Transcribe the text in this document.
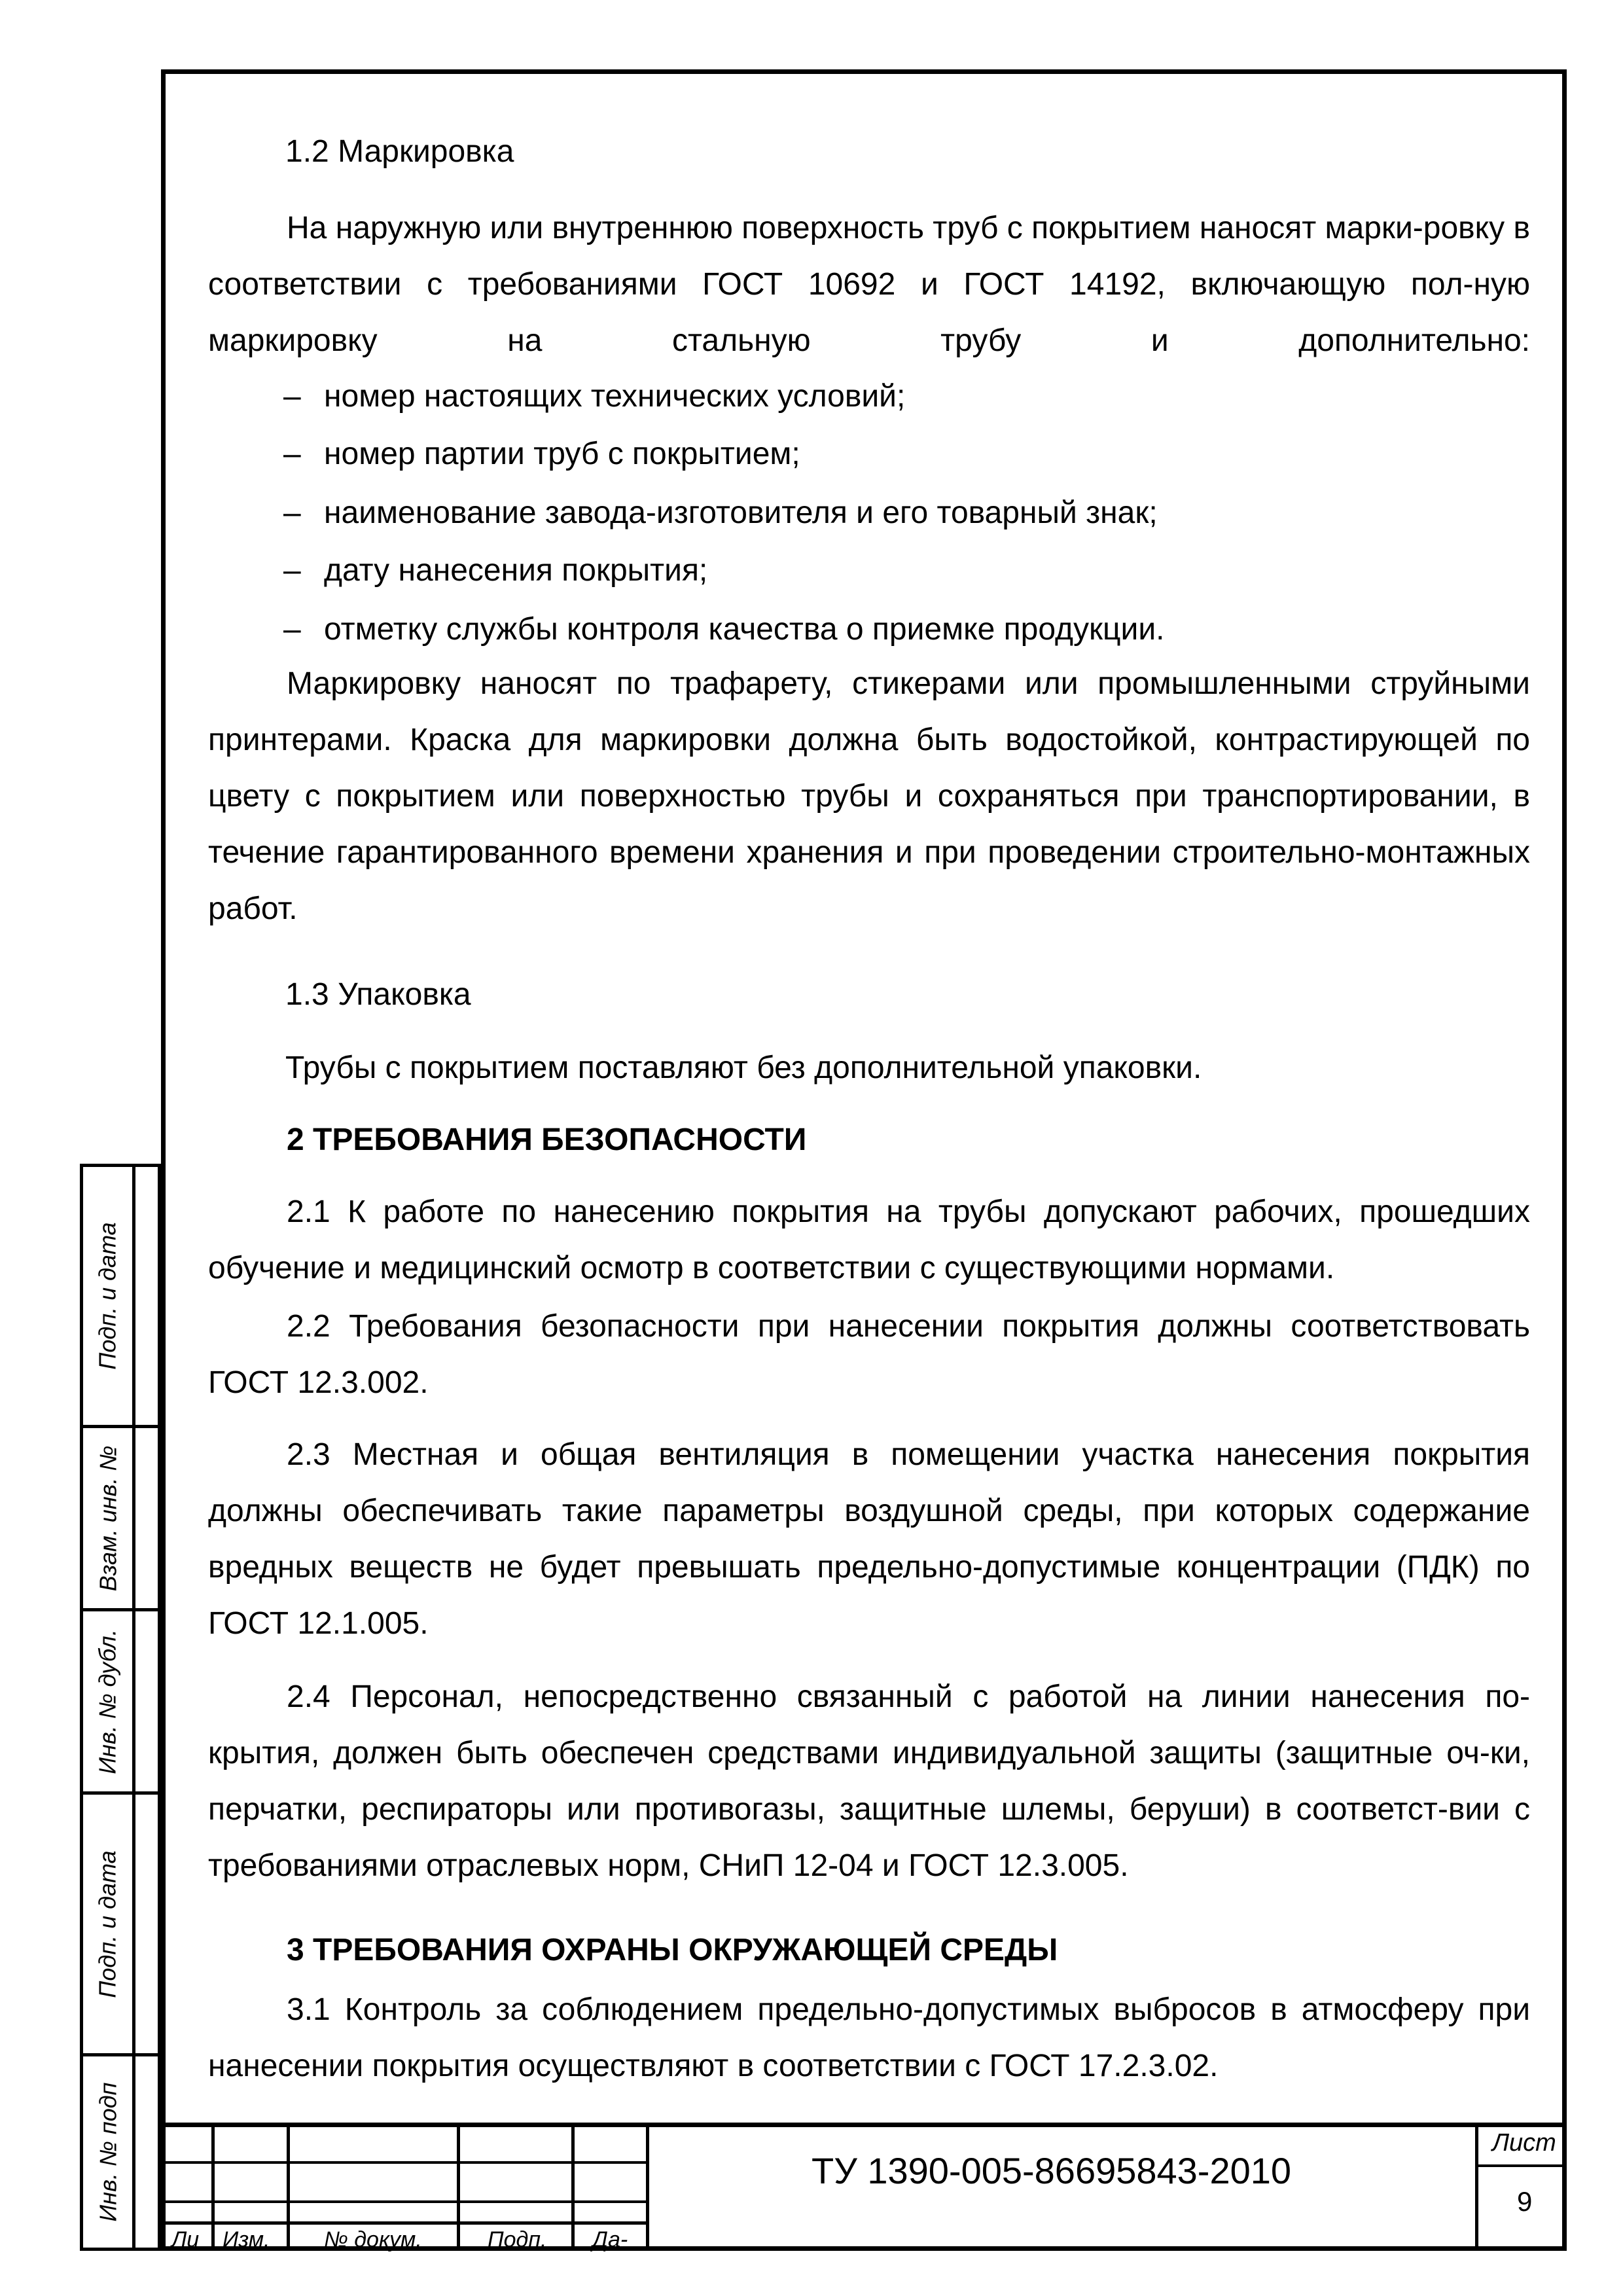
1.2 Маркировка
На наружную или внутреннюю поверхность труб с покрытием наносят марки-ровку в соответствии с требованиями ГОСТ 10692 и ГОСТ 14192, включающую пол-ную маркировку на стальную трубу и дополнительно:
– номер настоящих технических условий;
– номер партии труб с покрытием;
– наименование завода-изготовителя и его товарный знак;
– дату нанесения покрытия;
– отметку службы контроля качества о приемке продукции.
Маркировку наносят по трафарету, стикерами или промышленными струйными принтерами. Краска для маркировки должна быть водостойкой, контрастирующей по цвету с покрытием или поверхностью трубы и сохраняться при транспортировании, в течение гарантированного времени хранения и при проведении строительно-монтажных работ.
1.3 Упаковка
Трубы с покрытием поставляют без дополнительной упаковки.
2 ТРЕБОВАНИЯ БЕЗОПАСНОСТИ
2.1 К работе по нанесению покрытия на трубы допускают рабочих, прошедших обучение и медицинский осмотр в соответствии с существующими нормами.
2.2 Требования безопасности при нанесении покрытия должны соответствовать ГОСТ 12.3.002.
2.3 Местная и общая вентиляция в помещении участка нанесения покрытия должны обеспечивать такие параметры воздушной среды, при которых содержание вредных веществ не будет превышать предельно-допустимые концентрации (ПДК) по ГОСТ 12.1.005.
2.4 Персонал, непосредственно связанный с работой на линии нанесения по-крытия, должен быть обеспечен средствами индивидуальной защиты (защитные оч-ки, перчатки, респираторы или противогазы, защитные шлемы, беруши) в соответст-вии с требованиями отраслевых норм, СНиП 12-04 и ГОСТ 12.3.005.
3 ТРЕБОВАНИЯ ОХРАНЫ ОКРУЖАЮЩЕЙ СРЕДЫ
3.1 Контроль за соблюдением предельно-допустимых выбросов в атмосферу при нанесении покрытия осуществляют в соответствии с ГОСТ 17.2.3.02.
Подп. и дата
Взам. инв. №
Инв. № дубл.
Подп. и дата
Инв. № подп
Ли Изм. № докум.	Подп. Да-
ТУ 1390-005-86695843-2010
Лист
9
